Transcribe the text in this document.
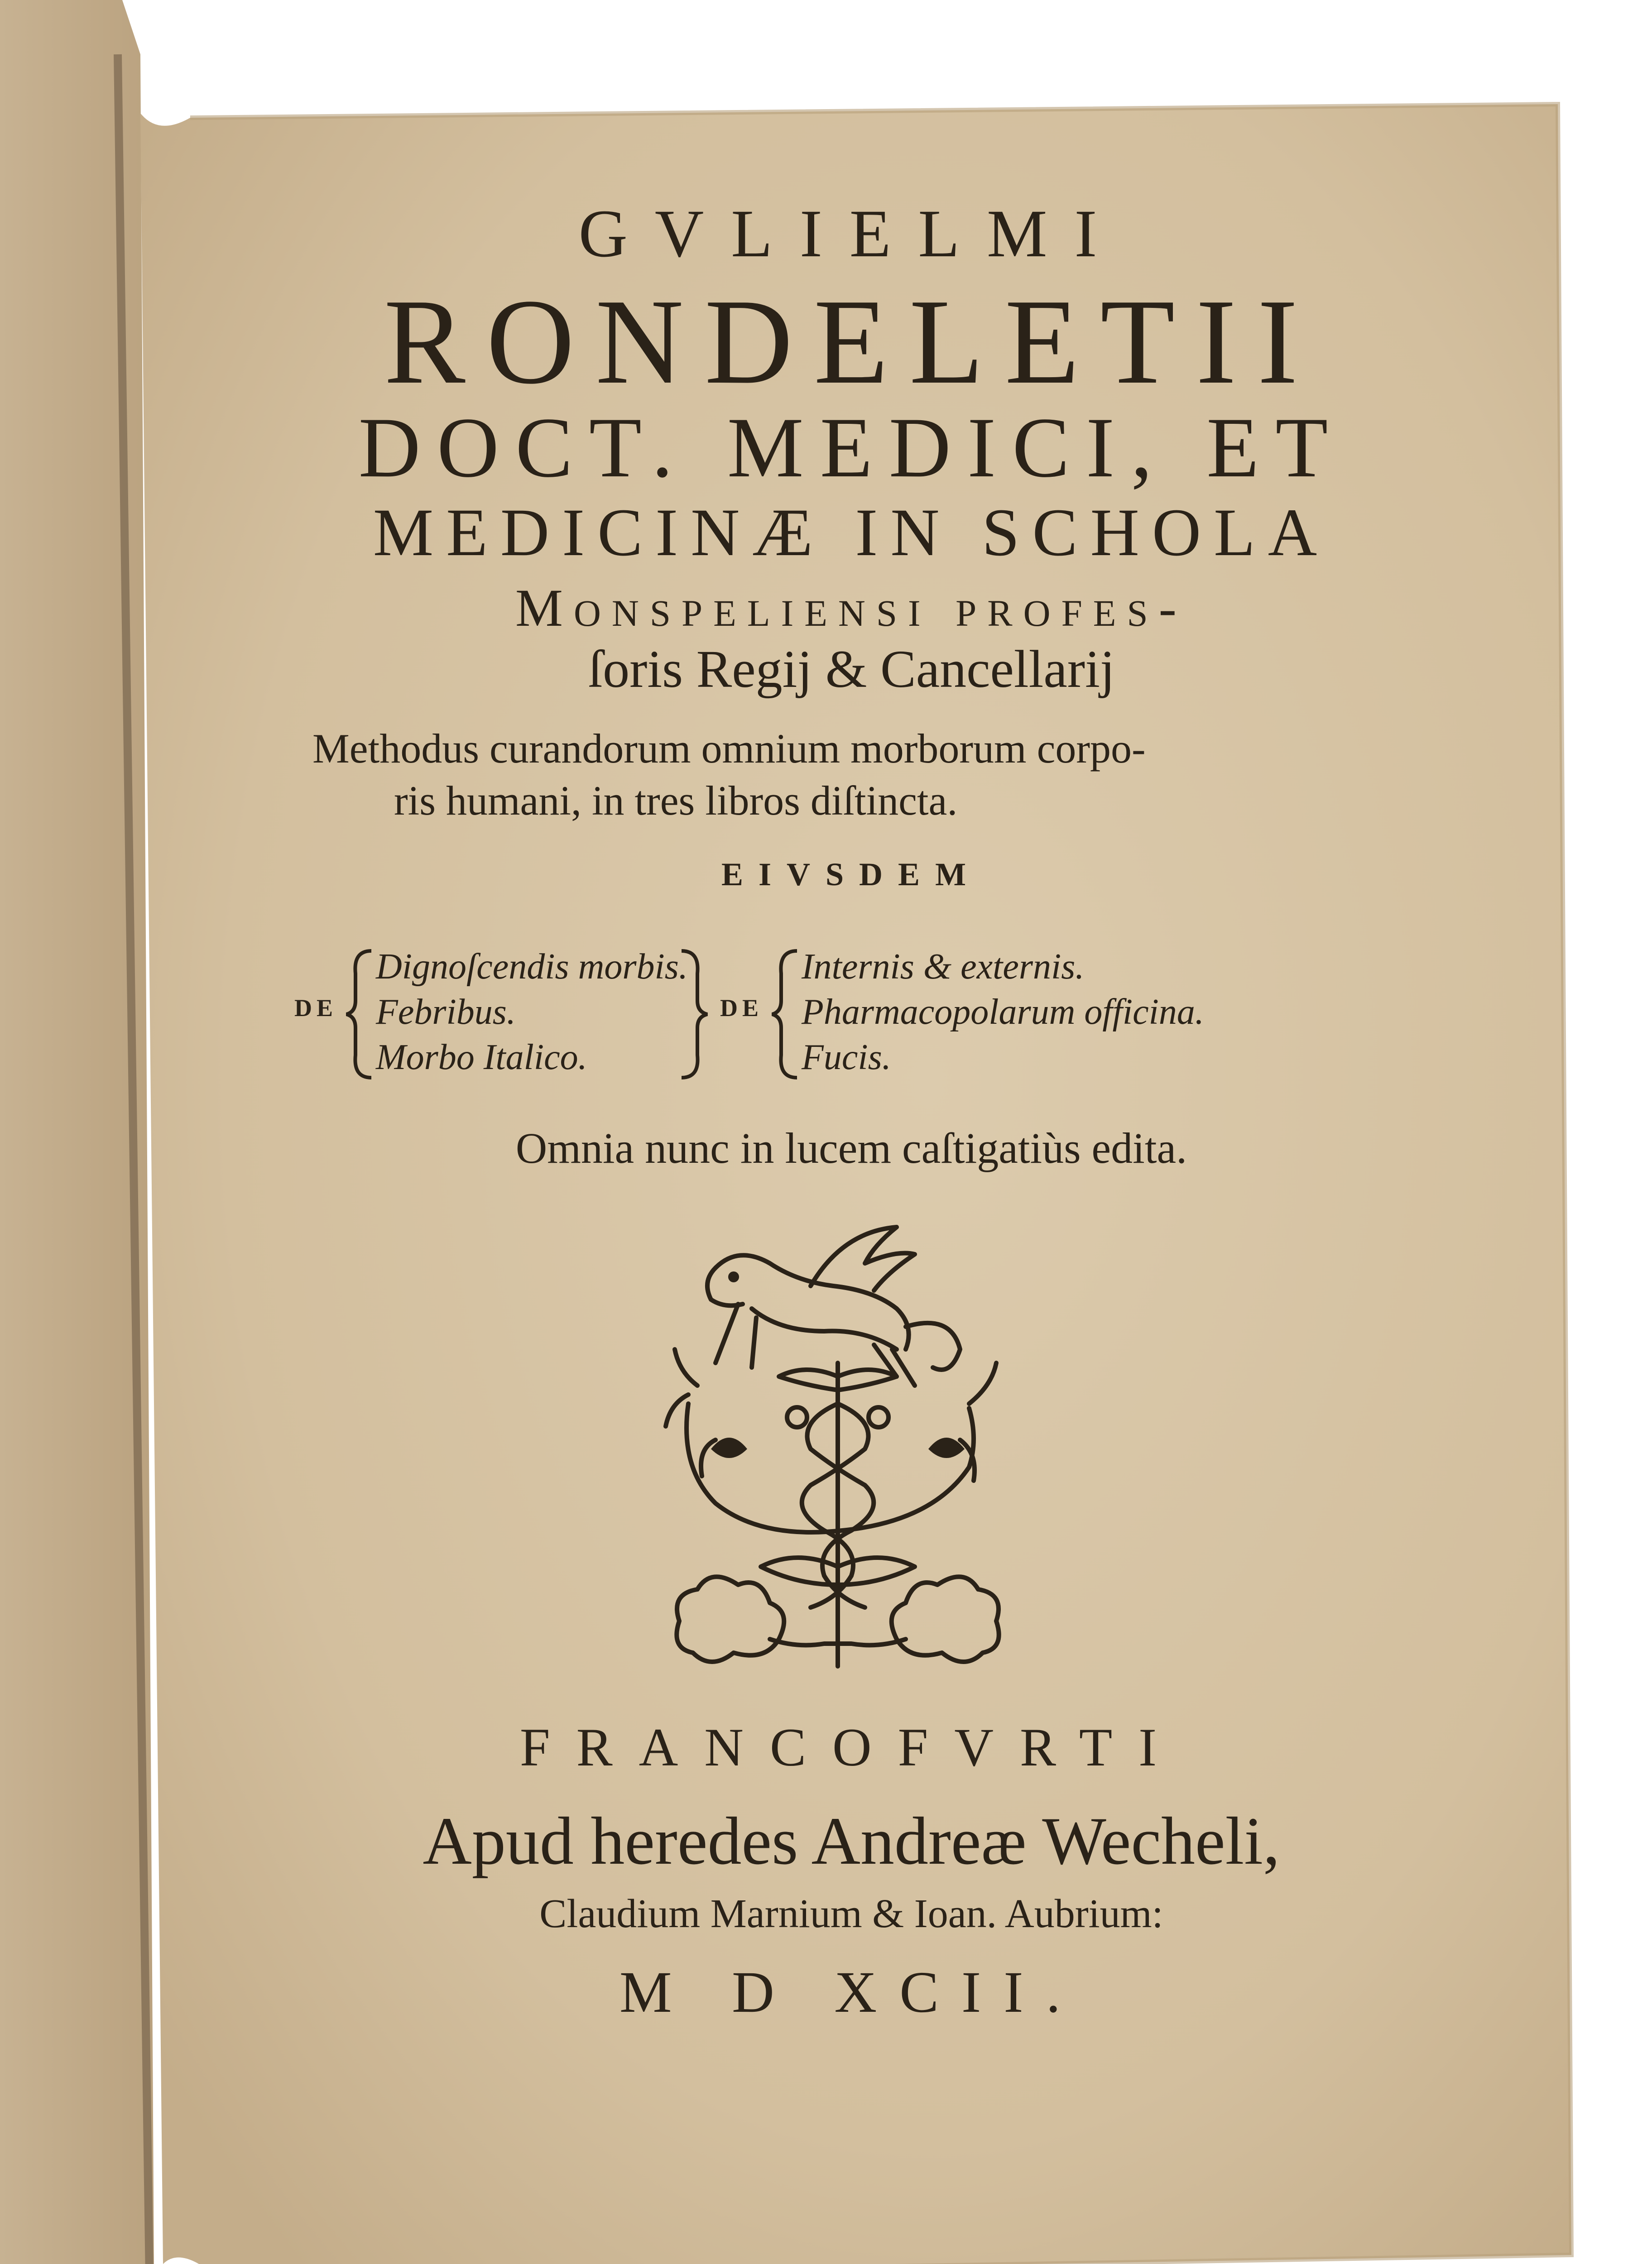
GVLIELMI
RONDELETII
DOCT. MEDICI, ET
MEDICINÆ IN SCHOLA
Monspeliensi profes-
ſoris Regij & Cancellarij
Methodus curandorum omnium morborum corpo-
ris humani, in tres libros diſtincta.
EIVSDEM
DE
Dignoſcendis morbis.
Febribus.
Morbo Italico.
DE
Internis & externis.
Pharmacopolarum officina.
Fucis.
Omnia nunc in lucem caſtigatiùs edita.
FRANCOFVRTI
Apud heredes Andreæ Wecheli,
Claudium Marnium & Ioan. Aubrium:
M D XCII.
